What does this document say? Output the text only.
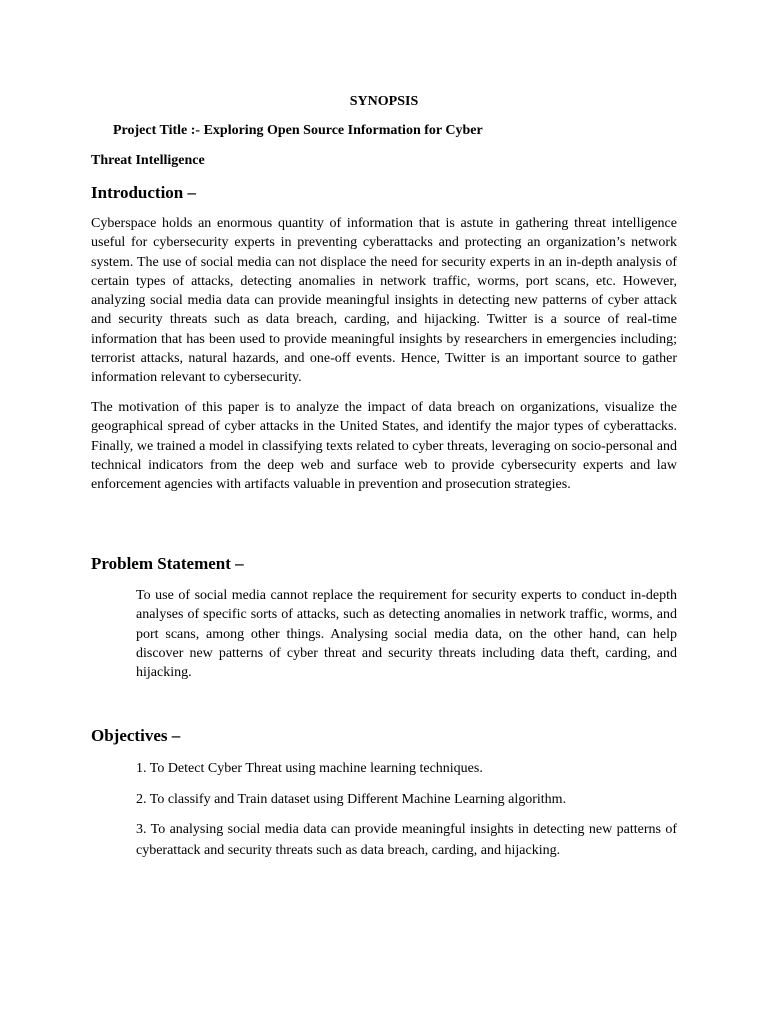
SYNOPSIS
Project Title :- Exploring Open Source Information for Cyber
Threat Intelligence
Introduction –
Cyberspace holds an enormous quantity of information that is astute in gathering threat intelligence useful for cybersecurity experts in preventing cyberattacks and protecting an organization’s network system. The use of social media can not displace the need for security experts in an in-depth analysis of certain types of attacks, detecting anomalies in network traffic, worms, port scans, etc. However, analyzing social media data can provide meaningful insights in detecting new patterns of cyber attack and security threats such as data breach, carding, and hijacking. Twitter is a source of real-time information that has been used to provide meaningful insights by researchers in emergencies including; terrorist attacks, natural hazards, and one-off events. Hence, Twitter is an important source to gather information relevant to cybersecurity.
The motivation of this paper is to analyze the impact of data breach on organizations, visualize the geographical spread of cyber attacks in the United States, and identify the major types of cyberattacks. Finally, we trained a model in classifying texts related to cyber threats, leveraging on socio-personal and technical indicators from the deep web and surface web to provide cybersecurity experts and law enforcement agencies with artifacts valuable in prevention and prosecution strategies.
Problem Statement –
To use of social media cannot replace the requirement for security experts to conduct in-depth analyses of specific sorts of attacks, such as detecting anomalies in network traffic, worms, and port scans, among other things. Analysing social media data, on the other hand, can help discover new patterns of cyber threat and security threats including data theft, carding, and hijacking.
Objectives –
1. To Detect Cyber Threat using machine learning techniques.
2. To classify and Train dataset using Different Machine Learning algorithm.
3. To analysing social media data can provide meaningful insights in detecting new patterns of cyberattack and security threats such as data breach, carding, and hijacking.
